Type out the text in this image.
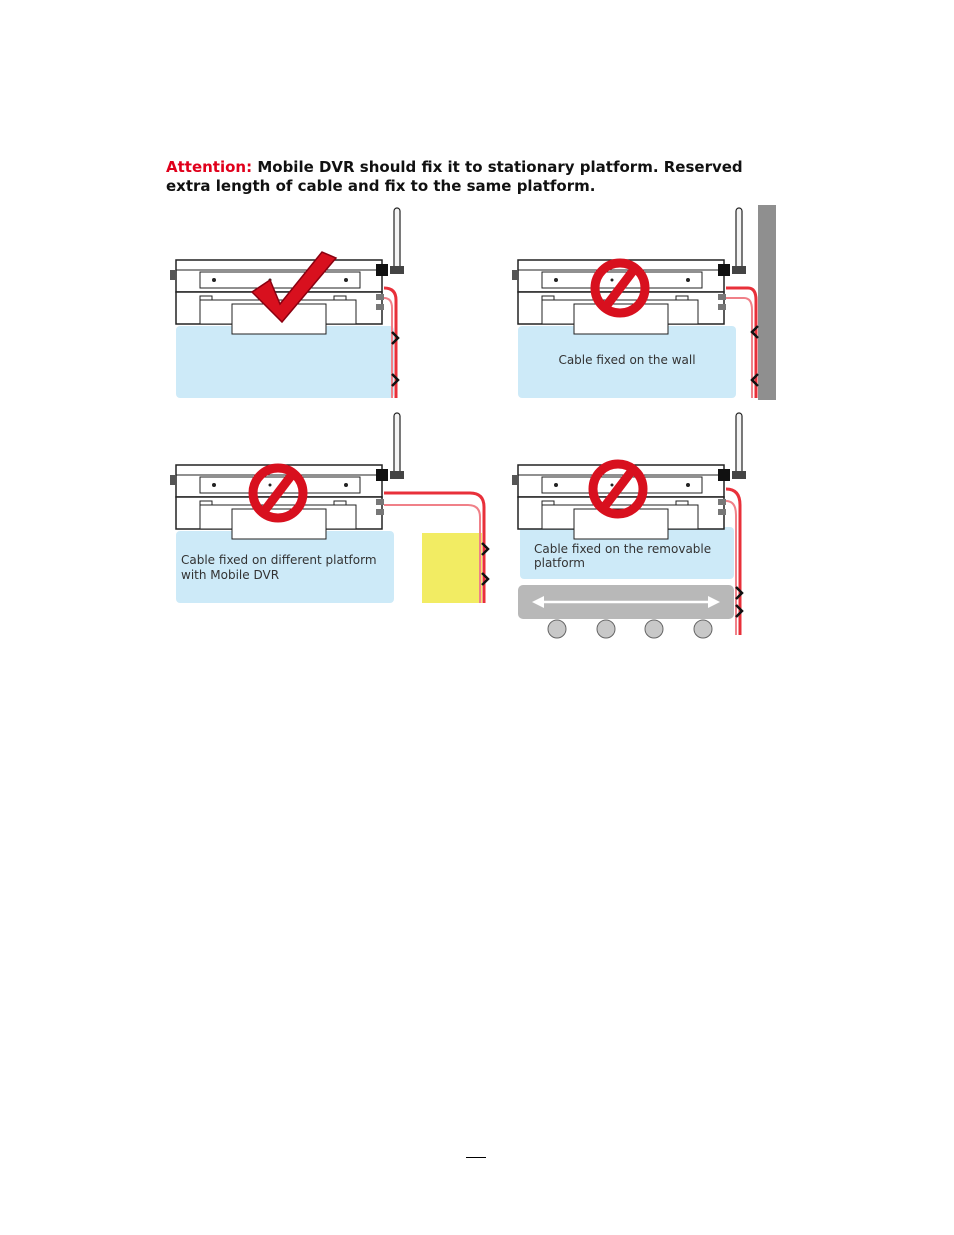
Attention: Mobile DVR should fix it to stationary platform. Reserved extra length of cable and fix to the same platform.
Cable fixed on the wall
Cable fixed on different platform
with Mobile DVR
Cable fixed on the removable
platform
